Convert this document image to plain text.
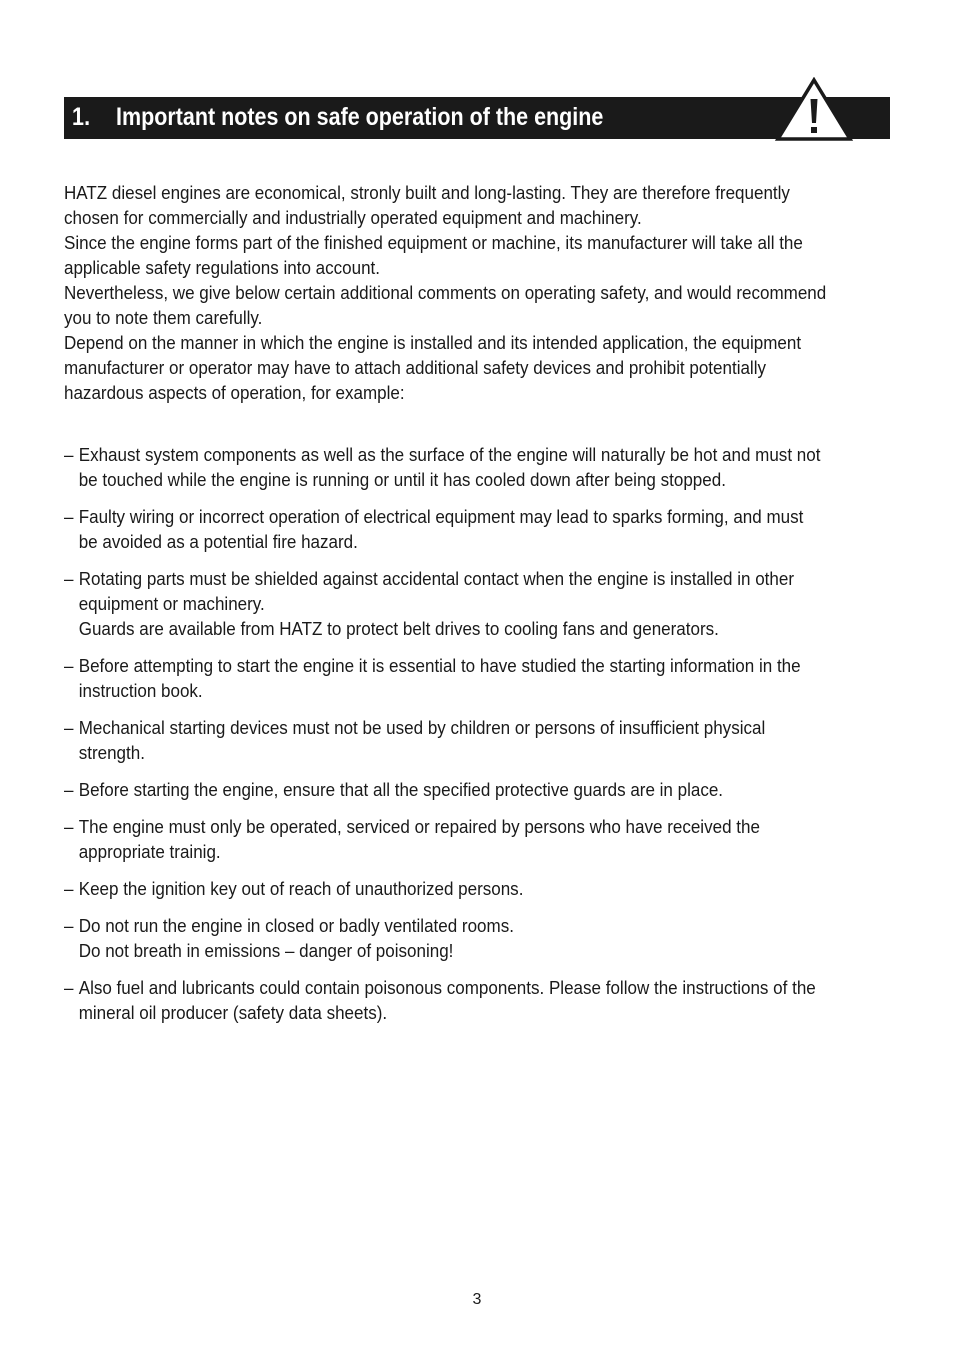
1. Important notes on safe operation of the engine

HATZ diesel engines are economical, stronly built and long-lasting. They are therefore frequently
chosen for commercially and industrially operated equipment and machinery.
Since the engine forms part of the finished equipment or machine, its manufacturer will take all the
applicable safety regulations into account.
Nevertheless, we give below certain additional comments on operating safety, and would recommend
you to note them carefully.
Depend on the manner in which the engine is installed and its intended application, the equipment
manufacturer or operator may have to attach additional safety devices and prohibit potentially
hazardous aspects of operation, for example:

– Exhaust system components as well as the surface of the engine will naturally be hot and must not
be touched while the engine is running or until it has cooled down after being stopped.
– Faulty wiring or incorrect operation of electrical equipment may lead to sparks forming, and must
be avoided as a potential fire hazard.
– Rotating parts must be shielded against accidental contact when the engine is installed in other
equipment or machinery.
Guards are available from HATZ to protect belt drives to cooling fans and generators.
– Before attempting to start the engine it is essential to have studied the starting information in the
instruction book.
– Mechanical starting devices must not be used by children or persons of insufficient physical
strength.
– Before starting the engine, ensure that all the specified protective guards are in place.
– The engine must only be operated, serviced or repaired by persons who have received the
appropriate trainig.
– Keep the ignition key out of reach of unauthorized persons.
– Do not run the engine in closed or badly ventilated rooms.
Do not breath in emissions – danger of poisoning!
– Also fuel and lubricants could contain poisonous components. Please follow the instructions of the
mineral oil producer (safety data sheets).
3
